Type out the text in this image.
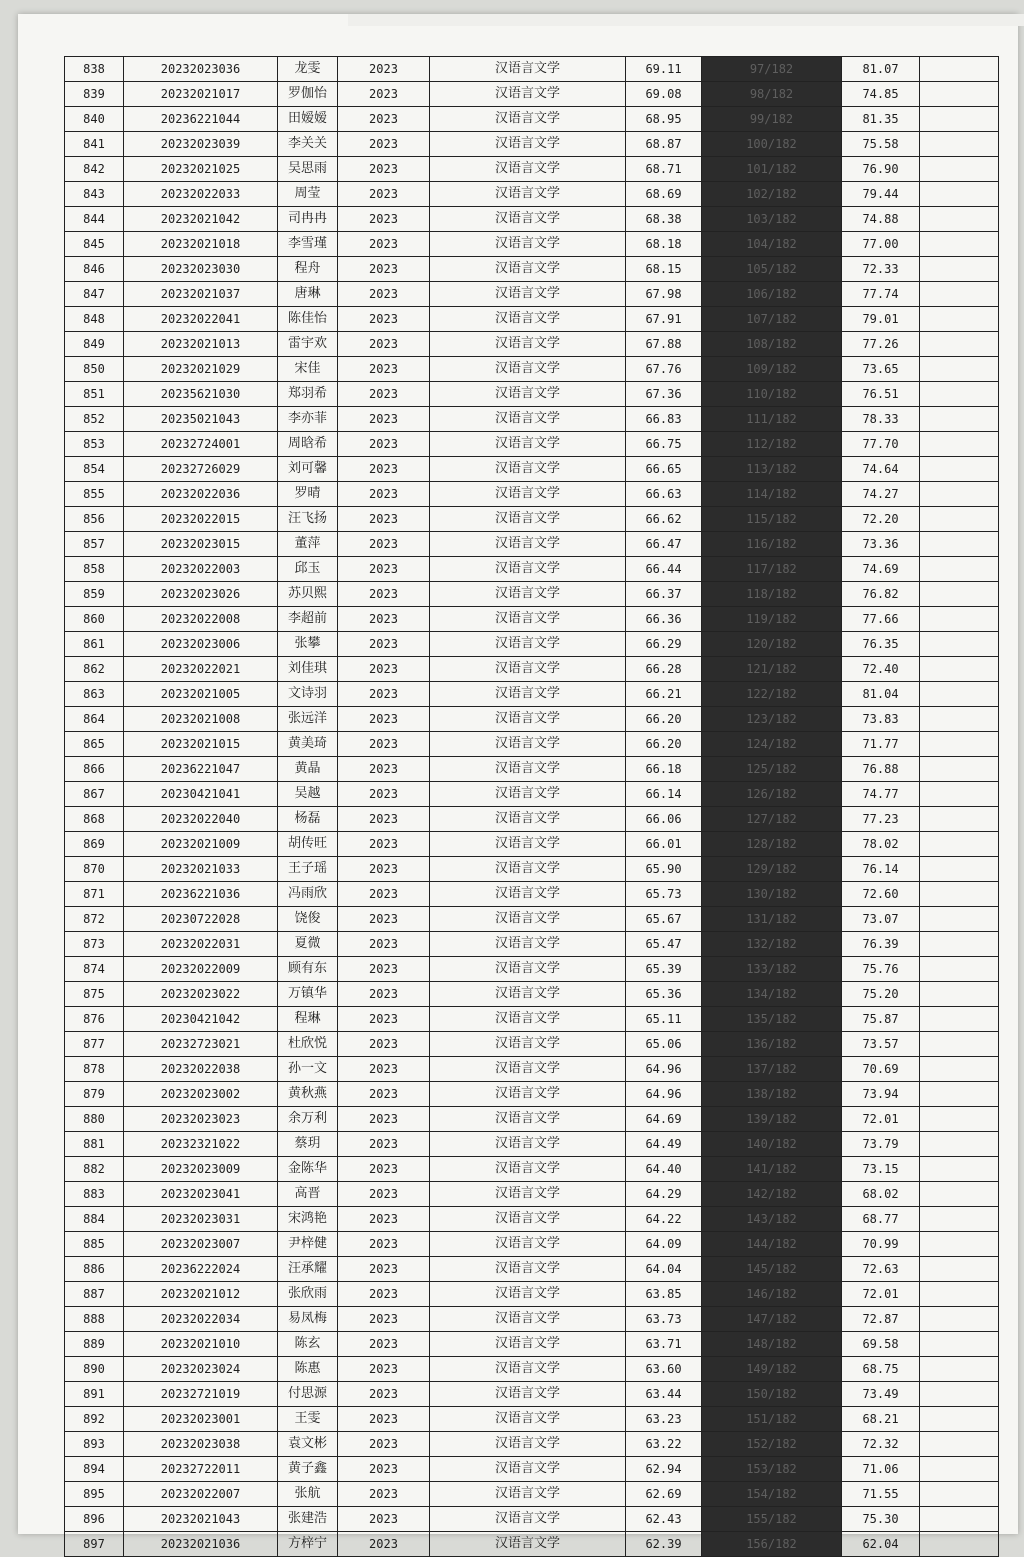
838	20232023036	龙雯	2023	汉语言文学	69.11	97/182	81.07	
839	20232021017	罗伽怡	2023	汉语言文学	69.08	98/182	74.85	
840	20236221044	田嫒嫒	2023	汉语言文学	68.95	99/182	81.35	
841	20232023039	李关关	2023	汉语言文学	68.87	100/182	75.58	
842	20232021025	吴思雨	2023	汉语言文学	68.71	101/182	76.90	
843	20232022033	周莹	2023	汉语言文学	68.69	102/182	79.44	
844	20232021042	司冉冉	2023	汉语言文学	68.38	103/182	74.88	
845	20232021018	李雪瑾	2023	汉语言文学	68.18	104/182	77.00	
846	20232023030	程舟	2023	汉语言文学	68.15	105/182	72.33	
847	20232021037	唐琳	2023	汉语言文学	67.98	106/182	77.74	
848	20232022041	陈佳怡	2023	汉语言文学	67.91	107/182	79.01	
849	20232021013	雷宇欢	2023	汉语言文学	67.88	108/182	77.26	
850	20232021029	宋佳	2023	汉语言文学	67.76	109/182	73.65	
851	20235621030	郑羽希	2023	汉语言文学	67.36	110/182	76.51	
852	20235021043	李亦菲	2023	汉语言文学	66.83	111/182	78.33	
853	20232724001	周晗希	2023	汉语言文学	66.75	112/182	77.70	
854	20232726029	刘可馨	2023	汉语言文学	66.65	113/182	74.64	
855	20232022036	罗晴	2023	汉语言文学	66.63	114/182	74.27	
856	20232022015	汪飞扬	2023	汉语言文学	66.62	115/182	72.20	
857	20232023015	董萍	2023	汉语言文学	66.47	116/182	73.36	
858	20232022003	邱玉	2023	汉语言文学	66.44	117/182	74.69	
859	20232023026	苏贝熙	2023	汉语言文学	66.37	118/182	76.82	
860	20232022008	李超前	2023	汉语言文学	66.36	119/182	77.66	
861	20232023006	张攀	2023	汉语言文学	66.29	120/182	76.35	
862	20232022021	刘佳琪	2023	汉语言文学	66.28	121/182	72.40	
863	20232021005	文诗羽	2023	汉语言文学	66.21	122/182	81.04	
864	20232021008	张远洋	2023	汉语言文学	66.20	123/182	73.83	
865	20232021015	黄美琦	2023	汉语言文学	66.20	124/182	71.77	
866	20236221047	黄晶	2023	汉语言文学	66.18	125/182	76.88	
867	20230421041	吴越	2023	汉语言文学	66.14	126/182	74.77	
868	20232022040	杨磊	2023	汉语言文学	66.06	127/182	77.23	
869	20232021009	胡传旺	2023	汉语言文学	66.01	128/182	78.02	
870	20232021033	王子瑶	2023	汉语言文学	65.90	129/182	76.14	
871	20236221036	冯雨欣	2023	汉语言文学	65.73	130/182	72.60	
872	20230722028	饶俊	2023	汉语言文学	65.67	131/182	73.07	
873	20232022031	夏微	2023	汉语言文学	65.47	132/182	76.39	
874	20232022009	顾有东	2023	汉语言文学	65.39	133/182	75.76	
875	20232023022	万镇华	2023	汉语言文学	65.36	134/182	75.20	
876	20230421042	程琳	2023	汉语言文学	65.11	135/182	75.87	
877	20232723021	杜欣悦	2023	汉语言文学	65.06	136/182	73.57	
878	20232022038	孙一文	2023	汉语言文学	64.96	137/182	70.69	
879	20232023002	黄秋燕	2023	汉语言文学	64.96	138/182	73.94	
880	20232023023	余万利	2023	汉语言文学	64.69	139/182	72.01	
881	20232321022	蔡玥	2023	汉语言文学	64.49	140/182	73.79	
882	20232023009	金陈华	2023	汉语言文学	64.40	141/182	73.15	
883	20232023041	高晋	2023	汉语言文学	64.29	142/182	68.02	
884	20232023031	宋鸿艳	2023	汉语言文学	64.22	143/182	68.77	
885	20232023007	尹梓健	2023	汉语言文学	64.09	144/182	70.99	
886	20236222024	汪承耀	2023	汉语言文学	64.04	145/182	72.63	
887	20232021012	张欣雨	2023	汉语言文学	63.85	146/182	72.01	
888	20232022034	易凤梅	2023	汉语言文学	63.73	147/182	72.87	
889	20232021010	陈玄	2023	汉语言文学	63.71	148/182	69.58	
890	20232023024	陈惠	2023	汉语言文学	63.60	149/182	68.75	
891	20232721019	付思源	2023	汉语言文学	63.44	150/182	73.49	
892	20232023001	王雯	2023	汉语言文学	63.23	151/182	68.21	
893	20232023038	袁文彬	2023	汉语言文学	63.22	152/182	72.32	
894	20232722011	黄子鑫	2023	汉语言文学	62.94	153/182	71.06	
895	20232022007	张航	2023	汉语言文学	62.69	154/182	71.55	
896	20232021043	张建浩	2023	汉语言文学	62.43	155/182	75.30	
897	20232021036	方梓宁	2023	汉语言文学	62.39	156/182	62.04	
